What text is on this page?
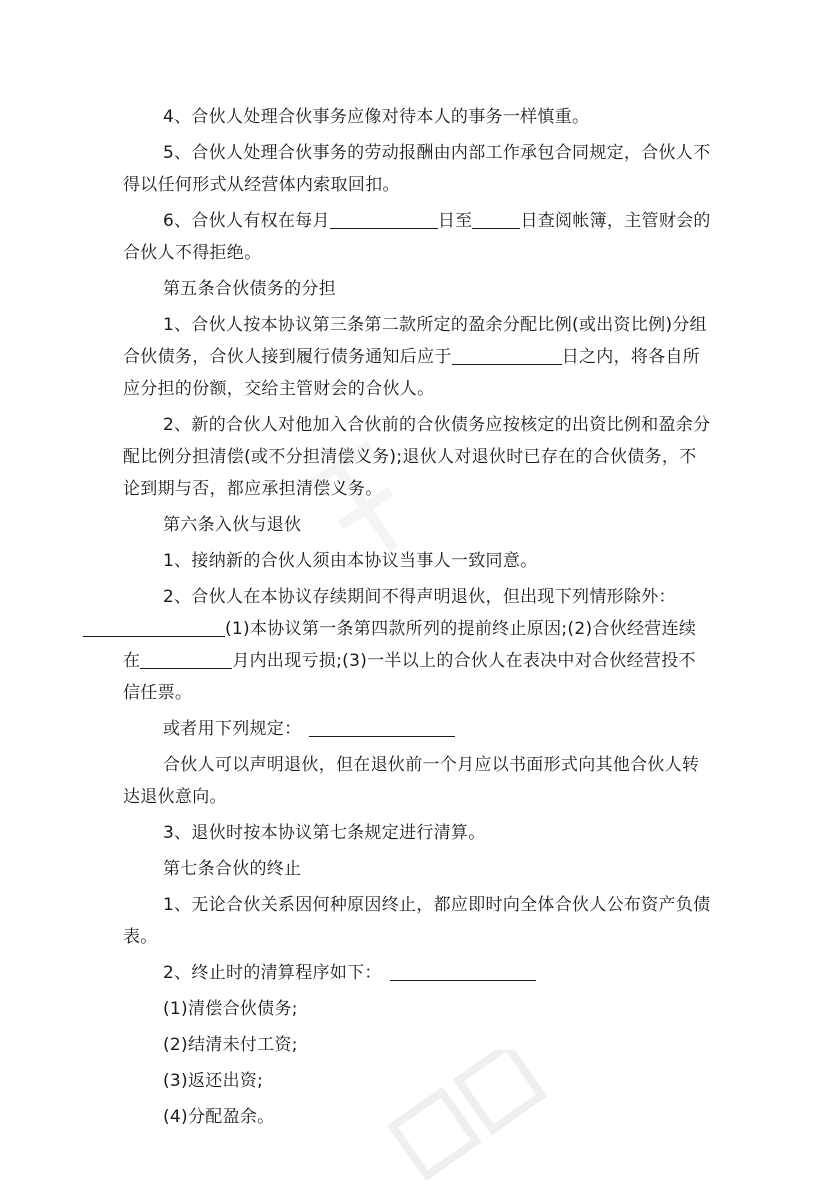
4、合伙人处理合伙事务应像对待本人的事务一样慎重。

5、合伙人处理合伙事务的劳动报酬由内部工作承包合同规定，合伙人不得以任何形式从经营体内索取回扣。

6、合伙人有权在每月	日至	日查阅帐簿，主管财会的合伙人不得拒绝。

第五条合伙债务的分担

1、合伙人按本协议第三条第二款所定的盈余分配比例(或出资比例)分组合伙债务，合伙人接到履行债务通知后应于	日之内，将各自所应分担的份额，交给主管财会的合伙人。

2、新的合伙人对他加入合伙前的合伙债务应按核定的出资比例和盈余分配比例分担清偿(或不分担清偿义务);退伙人对退伙时已存在的合伙债务，不论到期与否，都应承担清偿义务。

第六条入伙与退伙

1、接纳新的合伙人须由本协议当事人一致同意。

2、合伙人在本协议存续期间不得声明退伙，但出现下列情形除外：(1)本协议第一条第四款所列的提前终止原因;(2)合伙经营连续在	月内出现亏损;(3)一半以上的合伙人在表决中对合伙经营投不信任票。

或者用下列规定：

合伙人可以声明退伙，但在退伙前一个月应以书面形式向其他合伙人转达退伙意向。

3、退伙时按本协议第七条规定进行清算。

第七条合伙的终止

1、无论合伙关系因何种原因终止，都应即时向全体合伙人公布资产负债表。

2、终止时的清算程序如下：

(1)清偿合伙债务;

(2)结清未付工资;

(3)返还出资;

(4)分配盈余。
